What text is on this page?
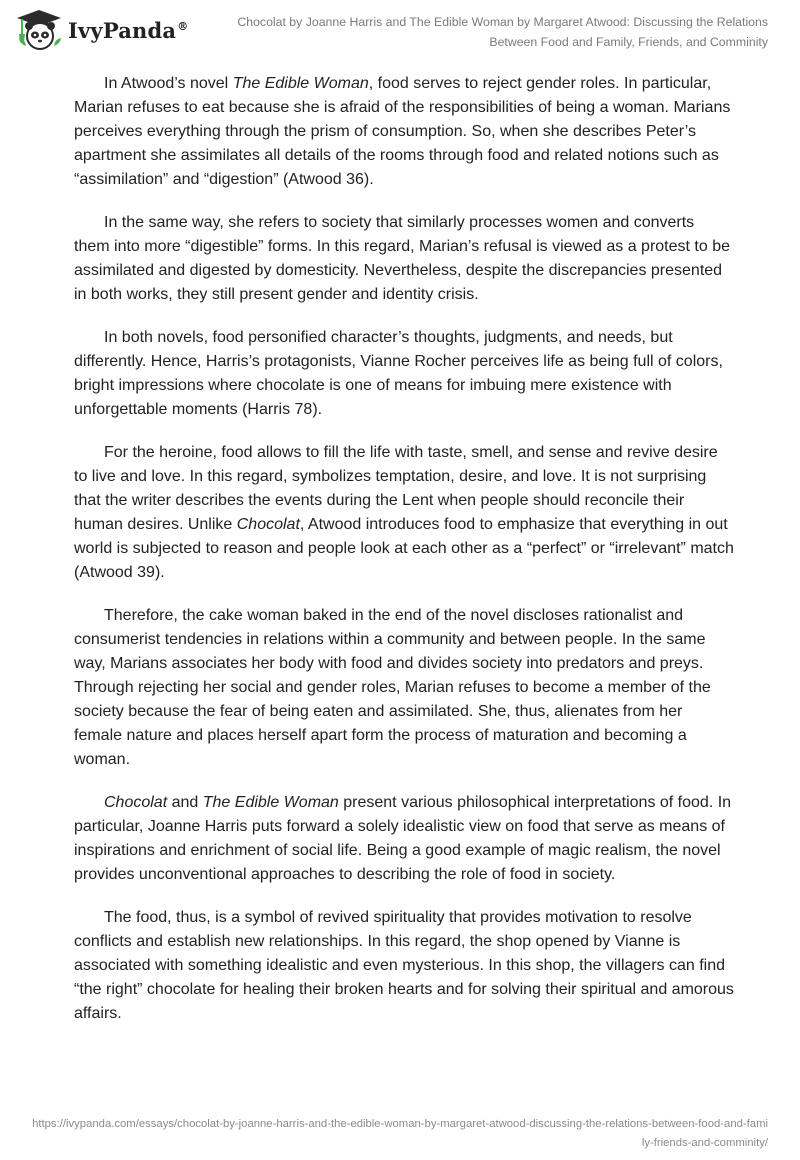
IvyPanda®	Chocolat by Joanne Harris and The Edible Woman by Margaret Atwood: Discussing the Relations Between Food and Family, Friends, and Comminity

In Atwood’s novel The Edible Woman, food serves to reject gender roles. In particular, Marian refuses to eat because she is afraid of the responsibilities of being a woman. Marians perceives everything through the prism of consumption. So, when she describes Peter’s apartment she assimilates all details of the rooms through food and related notions such as “assimilation” and “digestion” (Atwood 36).

In the same way, she refers to society that similarly processes women and converts them into more “digestible” forms. In this regard, Marian’s refusal is viewed as a protest to be assimilated and digested by domesticity. Nevertheless, despite the discrepancies presented in both works, they still present gender and identity crisis.

In both novels, food personified character’s thoughts, judgments, and needs, but differently. Hence, Harris’s protagonists, Vianne Rocher perceives life as being full of colors, bright impressions where chocolate is one of means for imbuing mere existence with unforgettable moments (Harris 78).

For the heroine, food allows to fill the life with taste, smell, and sense and revive desire to live and love. In this regard, symbolizes temptation, desire, and love. It is not surprising that the writer describes the events during the Lent when people should reconcile their human desires. Unlike Chocolat, Atwood introduces food to emphasize that everything in out world is subjected to reason and people look at each other as a “perfect” or “irrelevant” match (Atwood 39).

Therefore, the cake woman baked in the end of the novel discloses rationalist and consumerist tendencies in relations within a community and between people. In the same way, Marians associates her body with food and divides society into predators and preys. Through rejecting her social and gender roles, Marian refuses to become a member of the society because the fear of being eaten and assimilated. She, thus, alienates from her female nature and places herself apart form the process of maturation and becoming a woman.

Chocolat and The Edible Woman present various philosophical interpretations of food. In particular, Joanne Harris puts forward a solely idealistic view on food that serve as means of inspirations and enrichment of social life. Being a good example of magic realism, the novel provides unconventional approaches to describing the role of food in society.

The food, thus, is a symbol of revived spirituality that provides motivation to resolve conflicts and establish new relationships. In this regard, the shop opened by Vianne is associated with something idealistic and even mysterious. In this shop, the villagers can find “the right” chocolate for healing their broken hearts and for solving their spiritual and amorous affairs.

https://ivypanda.com/essays/chocolat-by-joanne-harris-and-the-edible-woman-by-margaret-atwood-discussing-the-relations-between-food-and-family-friends-and-comminity/
